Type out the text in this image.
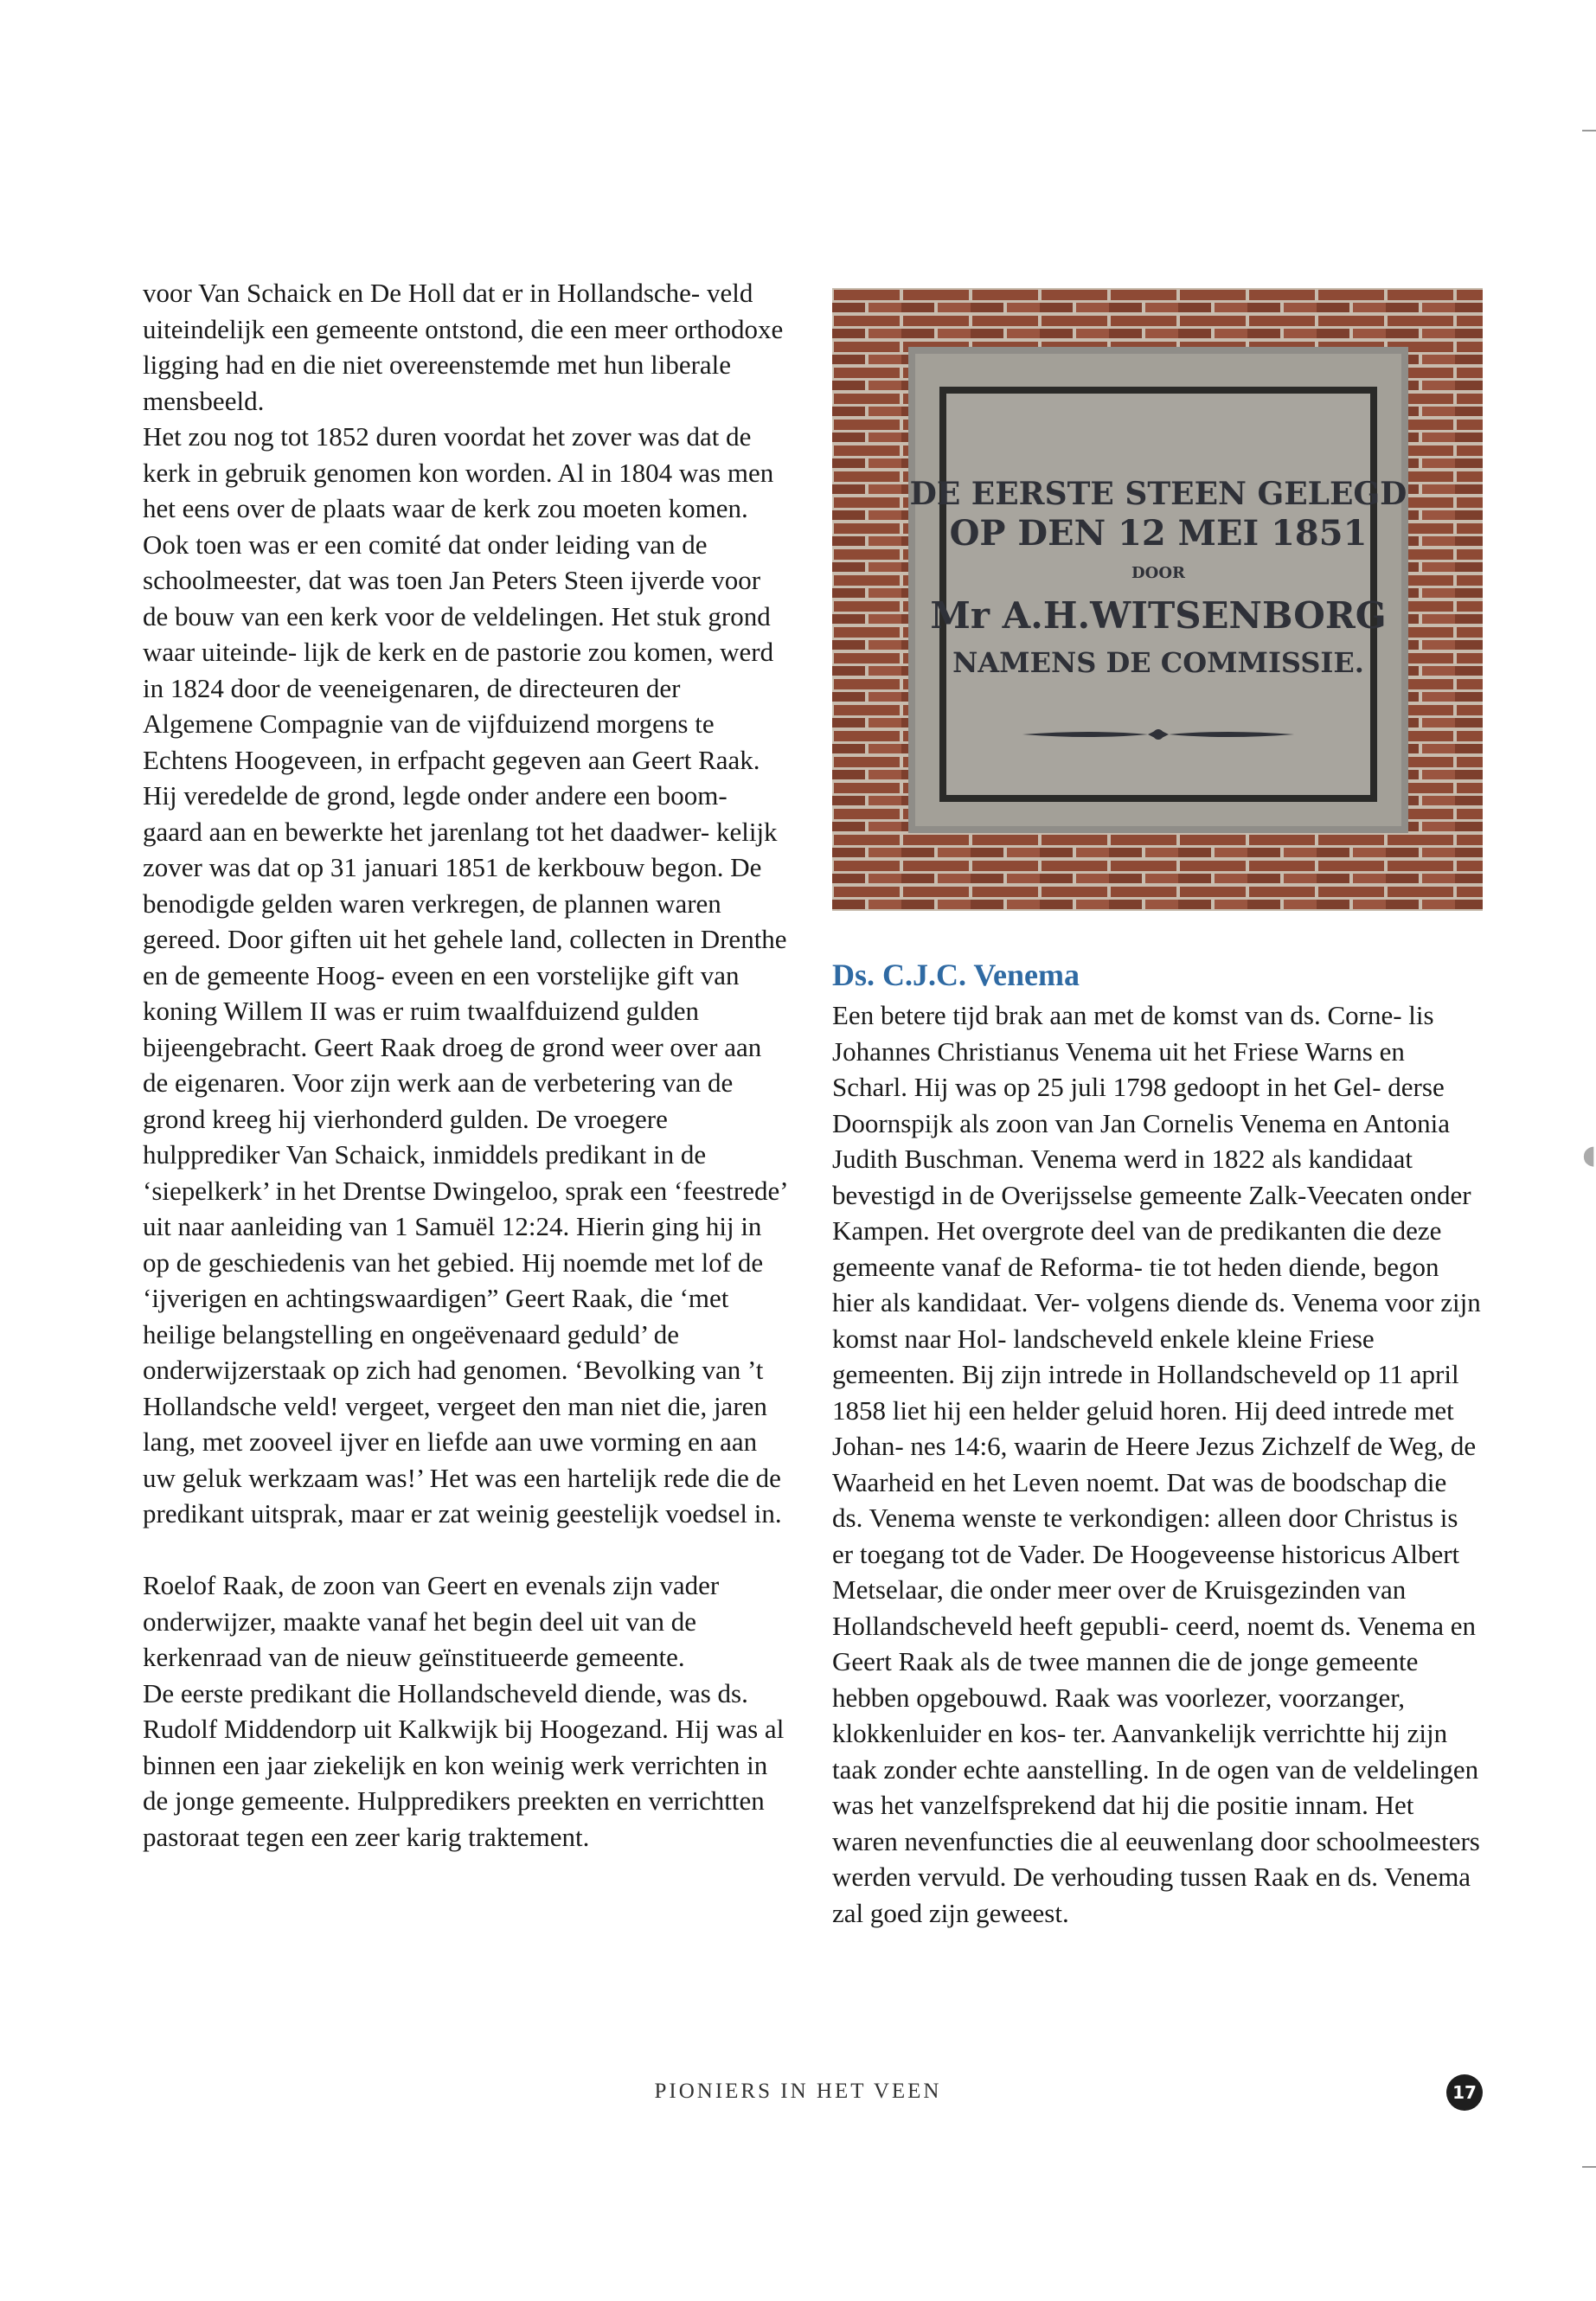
◖

voor Van Schaick en De Holl dat er in Hollandsche- veld uiteindelijk een gemeente ontstond, die een meer orthodoxe ligging had en die niet overeenstemde met hun liberale mensbeeld.

Het zou nog tot 1852 duren voordat het zover was dat de kerk in gebruik genomen kon worden. Al in 1804 was men het eens over de plaats waar de kerk zou moeten komen. Ook toen was er een comité dat onder leiding van de schoolmeester, dat was toen Jan Peters Steen ijverde voor de bouw van een kerk voor de veldelingen. Het stuk grond waar uiteinde- lijk de kerk en de pastorie zou komen, werd in 1824 door de veeneigenaren, de directeuren der Algemene Compagnie van de vijfduizend morgens te Echtens Hoogeveen, in erfpacht gegeven aan Geert Raak. Hij veredelde de grond, legde onder andere een boom- gaard aan en bewerkte het jarenlang tot het daadwer- kelijk zover was dat op 31 januari 1851 de kerkbouw begon. De benodigde gelden waren verkregen, de plannen waren gereed. Door giften uit het gehele land, collecten in Drenthe en de gemeente Hoog- eveen en een vorstelijke gift van koning Willem II was er ruim twaalfduizend gulden bijeengebracht. Geert Raak droeg de grond weer over aan de eigenaren. Voor zijn werk aan de verbetering van de grond kreeg hij vierhonderd gulden. De vroegere hulpprediker Van Schaick, inmiddels predikant in de ‘siepelkerk’ in het Drentse Dwingeloo, sprak een ‘feestrede’ uit naar aanleiding van 1 Samuël 12:24. Hierin ging hij in op de geschiedenis van het gebied. Hij noemde met lof de ‘ijverigen en achtingswaardigen” Geert Raak, die ‘met heilige belangstelling en ongeëvenaard geduld’ de onderwijzerstaak op zich had genomen. ‘Bevolking van ’t Hollandsche veld! vergeet, vergeet den man niet die, jaren lang, met zooveel ijver en liefde aan uwe vorming en aan uw geluk werkzaam was!’ Het was een hartelijk rede die de predikant uitsprak, maar er zat weinig geestelijk voedsel in.

Roelof Raak, de zoon van Geert en evenals zijn vader onderwijzer, maakte vanaf het begin deel uit van de kerkenraad van de nieuw geïnstitueerde gemeente.

De eerste predikant die Hollandscheveld diende, was ds. Rudolf Middendorp uit Kalkwijk bij Hoogezand. Hij was al binnen een jaar ziekelijk en kon weinig werk verrichten in de jonge gemeente. Hulppredikers preekten en verrichtten pastoraat tegen een zeer karig traktement.

DE EERSTE STEEN GELEGD
OP DEN 12 MEI 1851
DOOR
Mr A.H.WITSENBORG
NAMENS DE COMMISSIE.
Ds. C.J.C. Venema

Een betere tijd brak aan met de komst van ds. Corne- lis Johannes Christianus Venema uit het Friese Warns en Scharl. Hij was op 25 juli 1798 gedoopt in het Gel- derse Doornspijk als zoon van Jan Cornelis Venema en Antonia Judith Buschman. Venema werd in 1822 als kandidaat bevestigd in de Overijsselse gemeente Zalk-Veecaten onder Kampen. Het overgrote deel van de predikanten die deze gemeente vanaf de Reforma- tie tot heden diende, begon hier als kandidaat. Ver- volgens diende ds. Venema voor zijn komst naar Hol- landscheveld enkele kleine Friese gemeenten. Bij zijn intrede in Hollandscheveld op 11 april 1858 liet hij een helder geluid horen. Hij deed intrede met Johan- nes 14:6, waarin de Heere Jezus Zichzelf de Weg, de Waarheid en het Leven noemt. Dat was de boodschap die ds. Venema wenste te verkondigen: alleen door Christus is er toegang tot de Vader. De Hoogeveense historicus Albert Metselaar, die onder meer over de Kruisgezinden van Hollandscheveld heeft gepubli- ceerd, noemt ds. Venema en Geert Raak als de twee mannen die de jonge gemeente hebben opgebouwd. Raak was voorlezer, voorzanger, klokkenluider en kos- ter. Aanvankelijk verrichtte hij zijn taak zonder echte aanstelling. In de ogen van de veldelingen was het vanzelfsprekend dat hij die positie innam. Het waren nevenfuncties die al eeuwenlang door schoolmeesters werden vervuld. De verhouding tussen Raak en ds. Venema zal goed zijn geweest.

PIONIERS IN HET VEEN	17
